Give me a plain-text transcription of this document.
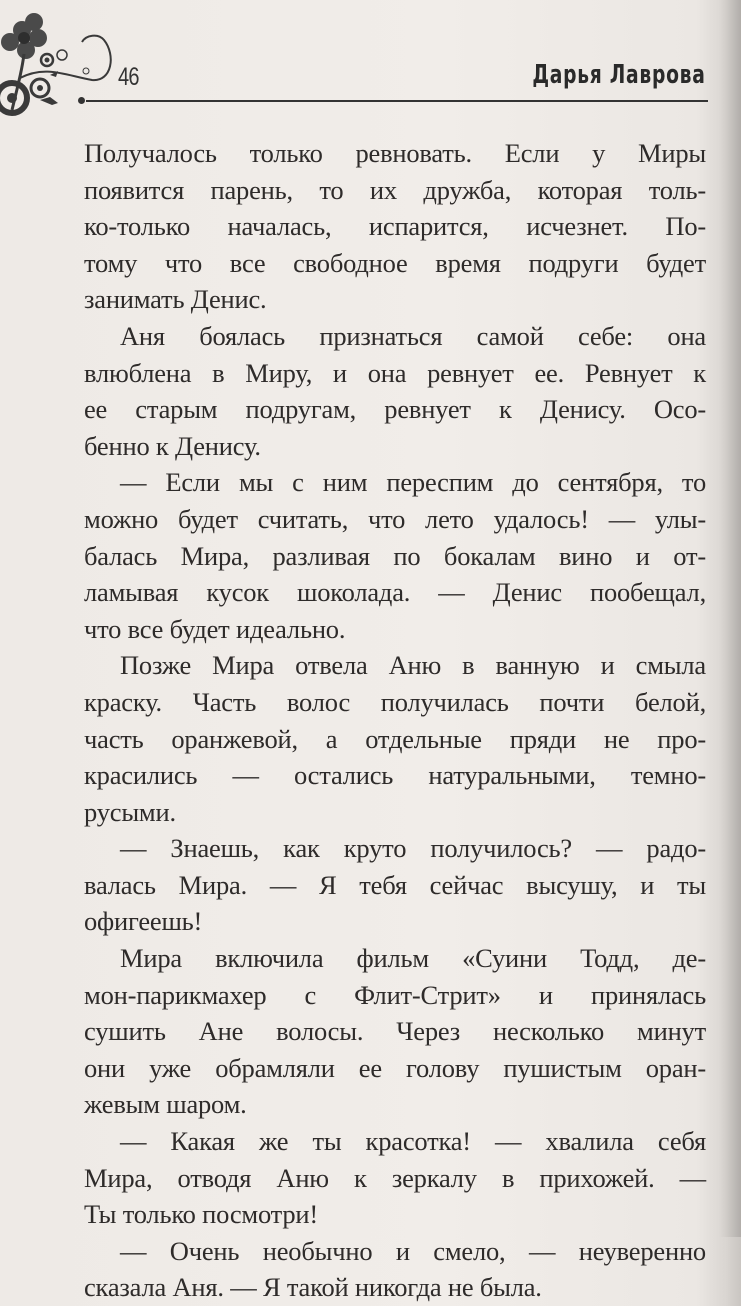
46	Дарья Лаврова
Получалось только ревновать. Если у Миры
появится парень, то их дружба, которая толь-
ко-только началась, испарится, исчезнет. По-
тому что все свободное время подруги будет
занимать Денис.
Аня боялась признаться самой себе: она
влюблена в Миру, и она ревнует ее. Ревнует к
ее старым подругам, ревнует к Денису. Осо-
бенно к Денису.
— Если мы с ним переспим до сентября, то
можно будет считать, что лето удалось! — улы-
балась Мира, разливая по бокалам вино и от-
ламывая кусок шоколада. — Денис пообещал,
что все будет идеально.
Позже Мира отвела Аню в ванную и смыла
краску. Часть волос получилась почти белой,
часть оранжевой, а отдельные пряди не про-
красились — остались натуральными, темно-
русыми.
— Знаешь, как круто получилось? — радо-
валась Мира. — Я тебя сейчас высушу, и ты
офигеешь!
Мира включила фильм «Суини Тодд, де-
мон-парикмахер с Флит-Стрит» и принялась
сушить Ане волосы. Через несколько минут
они уже обрамляли ее голову пушистым оран-
жевым шаром.
— Какая же ты красотка! — хвалила себя
Мира, отводя Аню к зеркалу в прихожей. —
Ты только посмотри!
— Очень необычно и смело, — неуверенно
сказала Аня. — Я такой никогда не была.
